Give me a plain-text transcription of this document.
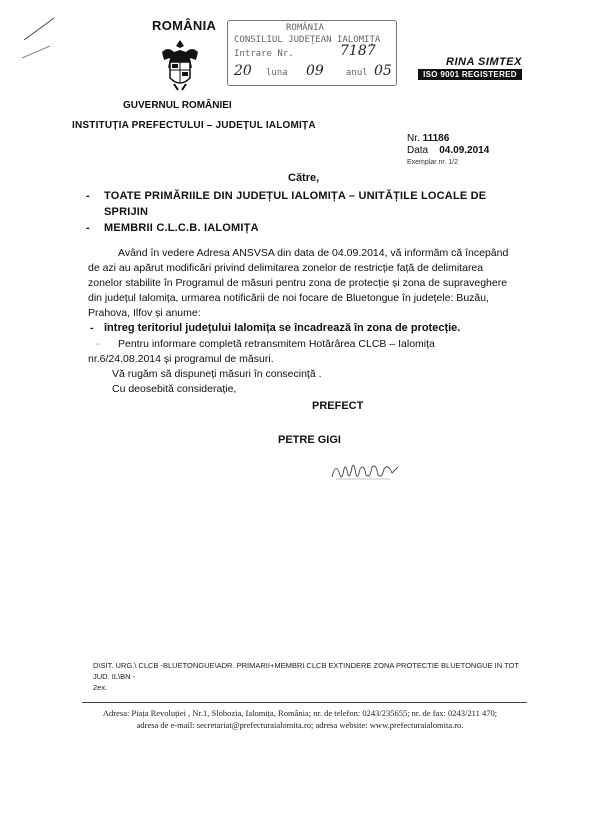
ROMÂNIA
GUVERNUL ROMÂNIEI
INSTITUȚIA PREFECTULUI – JUDEȚUL IALOMIȚA
ROMÂNIA
CONSILIUL JUDEȚEAN IALOMIȚA
Intrare Nr.	7187
20 luna 09 anul 05
RINA SIMTEX
ISO 9001 REGISTERED
Nr. 11186
Data 04.09.2014
Exemplar nr. 1/2
Către,
- TOATE PRIMĂRIILE DIN JUDEȚUL IALOMIȚA – UNITĂȚILE LOCALE DE
SPRIJIN
- MEMBRII C.L.C.B. IALOMIȚA
Având în vedere Adresa ANSVSA din data de 04.09.2014, vă informăm că începând
de azi au apărut modificări privind delimitarea zonelor de restricție față de delimitarea
zonelor stabilite în Programul de măsuri pentru zona de protecție și zona de supraveghere
din județul Ialomița, urmarea notificării de noi focare de Bluetongue în județele: Buzău,
Prahova, Ilfov și anume:
- întreg teritoriul județului Ialomița se încadrează în zona de protecție.
- Pentru informare completă retransmitem Hotărârea CLCB – Ialomița
nr.6/24.08.2014 și programul de măsuri.
Vă rugăm să dispuneți măsuri în consecință .
Cu deosebită considerație,
PREFECT
PETRE GIGI
D\SIT. URG.\ CLCB -BLUETONGUE\ADR. PRIMARII+MEMBRI CLCB EXTINDERE ZONA PROTECTIE BLUETONGUE IN TOT JUD. IL\BN -
2ex.
Adresa: Piața Revoluției , Nr.1, Slobozia, Ialomița, România; nr. de telefon: 0243/235655; nr. de fax: 0243/211 470;
adresa de e-mail: secretariat@prefecturaialomita.ro; adresa website: www.prefecturaialomita.ro.
